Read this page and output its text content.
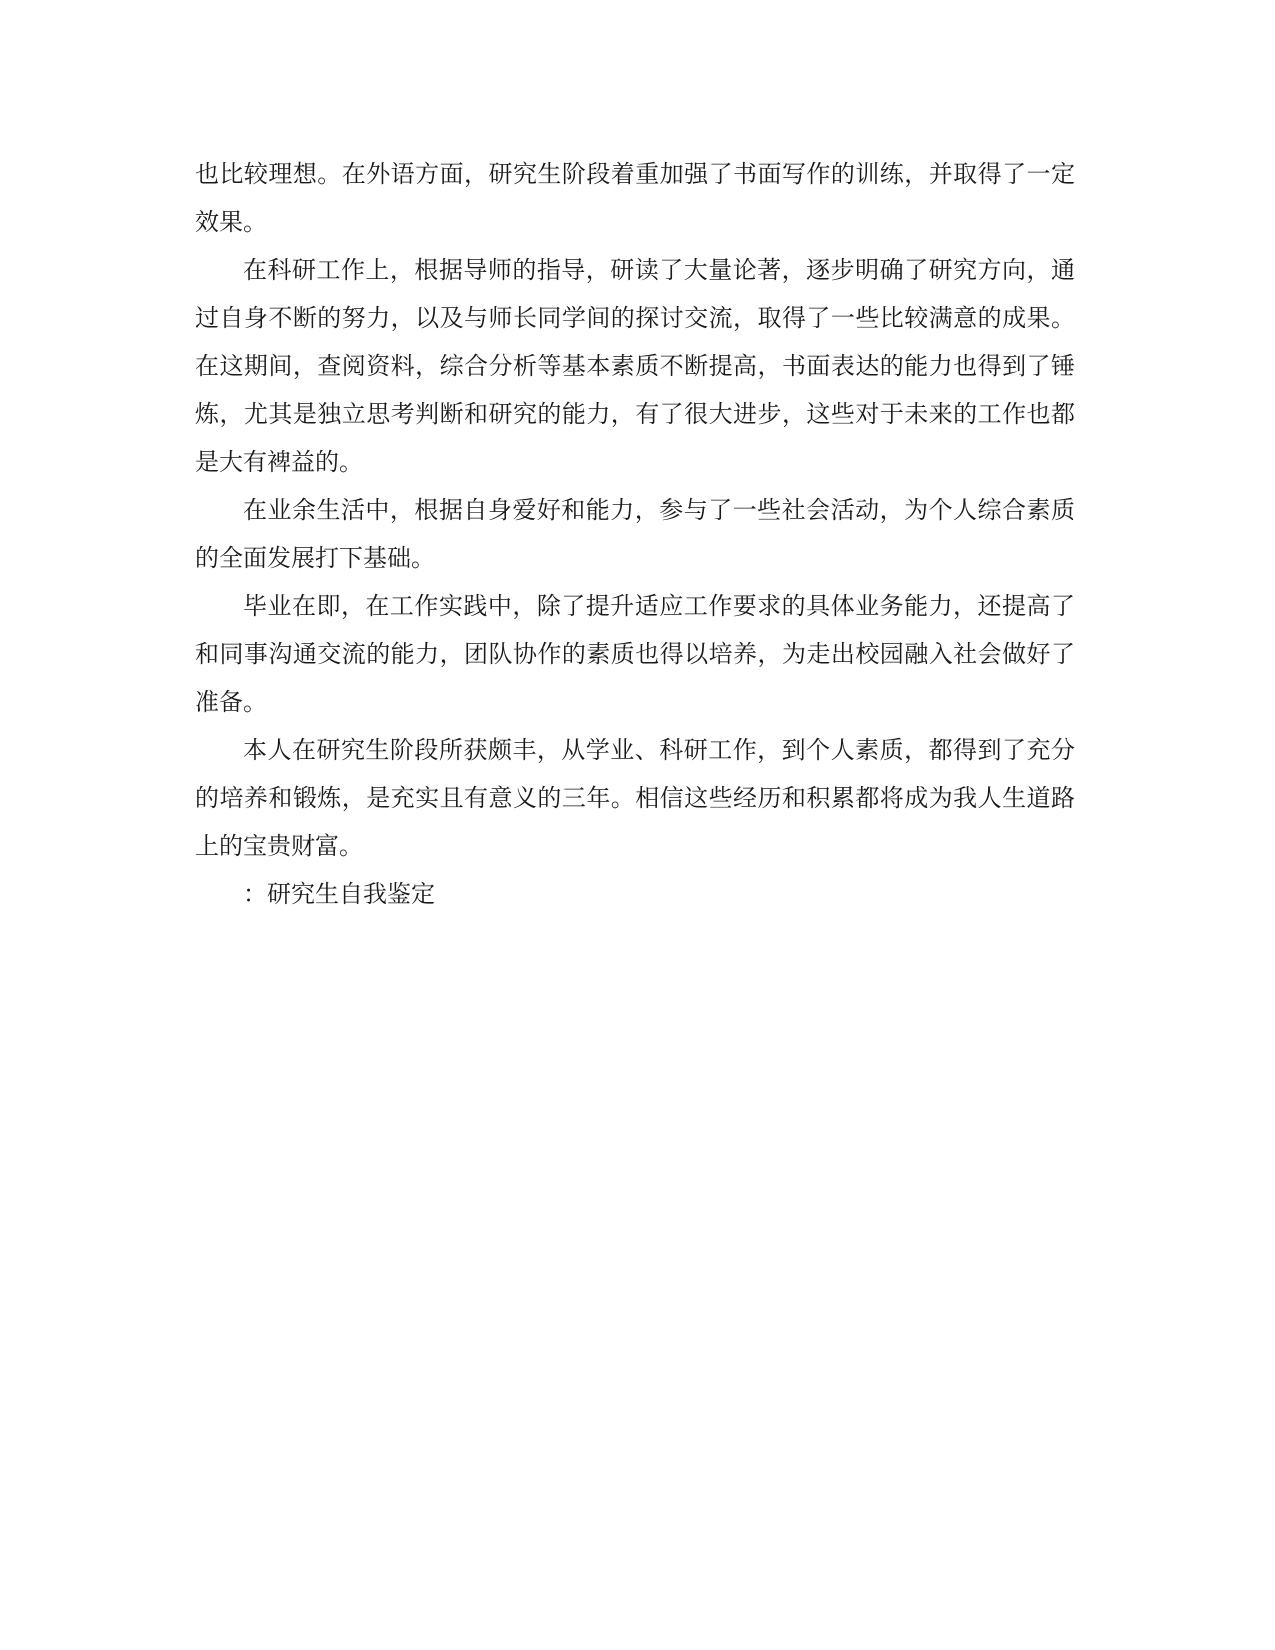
也比较理想。在外语方面，研究生阶段着重加强了书面写作的训练，并取得了一定效果。

在科研工作上，根据导师的指导，研读了大量论著，逐步明确了研究方向，通过自身不断的努力，以及与师长同学间的探讨交流，取得了一些比较满意的成果。在这期间，查阅资料，综合分析等基本素质不断提高，书面表达的能力也得到了锤炼，尤其是独立思考判断和研究的能力，有了很大进步，这些对于未来的工作也都是大有裨益的。

在业余生活中，根据自身爱好和能力，参与了一些社会活动，为个人综合素质的全面发展打下基础。

毕业在即，在工作实践中，除了提升适应工作要求的具体业务能力，还提高了和同事沟通交流的能力，团队协作的素质也得以培养，为走出校园融入社会做好了准备。

本人在研究生阶段所获颇丰，从学业、科研工作，到个人素质，都得到了充分的培养和锻炼，是充实且有意义的三年。相信这些经历和积累都将成为我人生道路上的宝贵财富。

：研究生自我鉴定
